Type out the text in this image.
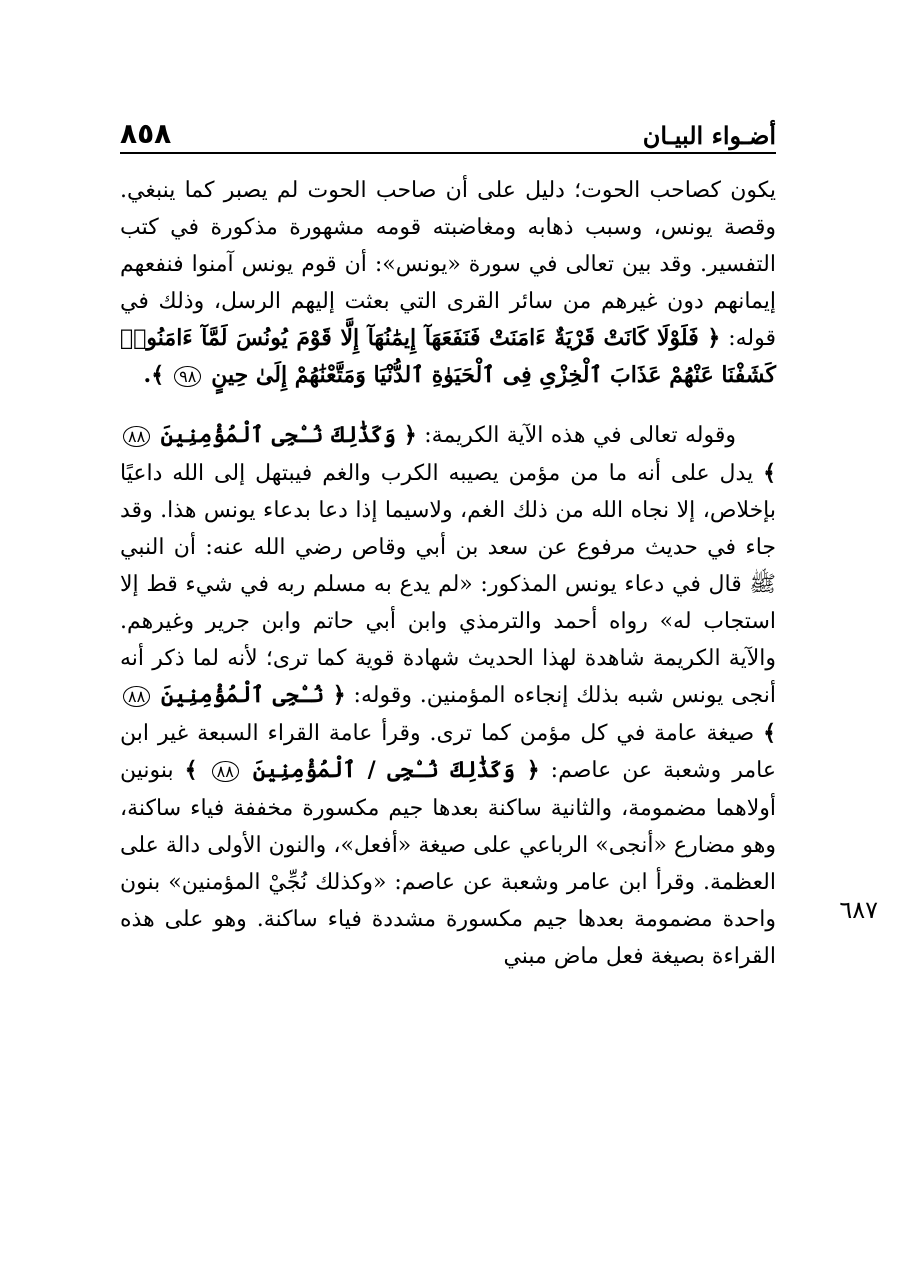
٨٥٨	أضـواء البيـان

يكون كصاحب الحوت؛ دليل على أن صاحب الحوت لم يصبر كما ينبغي. وقصة يونس، وسبب ذهابه ومغاضبته قومه مشهورة مذكورة في كتب التفسير. وقد بين تعالى في سورة «يونس»: أن قوم يونس آمنوا فنفعهم إيمانهم دون غيرهم من سائر القرى التي بعثت إليهم الرسل، وذلك في قوله: ﴿ فَلَوْلَا كَانَتْ قَرْيَةٌ ءَامَنَتْ فَنَفَعَهَآ إِيمَٰنُهَآ إِلَّا قَوْمَ يُونُسَ لَمَّآ ءَامَنُوا۟ كَشَفْنَا عَنْهُمْ عَذَابَ ٱلْخِزْىِ فِى ٱلْحَيَوٰةِ ٱلدُّنْيَا وَمَتَّعْنَٰهُمْ إِلَىٰ حِينٍ ٩٨ ﴾.

وقوله تعالى في هذه الآية الكريمة: ﴿ وَكَذَٰلِكَ نُـۨجِى ٱلْمُؤْمِنِينَ ٨٨ ﴾ يدل على أنه ما من مؤمن يصيبه الكرب والغم فيبتهل إلى الله داعيًا بإخلاص، إلا نجاه الله من ذلك الغم، ولاسيما إذا دعا بدعاء يونس هذا. وقد جاء في حديث مرفوع عن سعد بن أبي وقاص رضي الله عنه: أن النبي ﷺ قال في دعاء يونس المذكور: «لم يدع به مسلم ربه في شيء قط إلا استجاب له» رواه أحمد والترمذي وابن أبي حاتم وابن جرير وغيرهم. والآية الكريمة شاهدة لهذا الحديث شهادة قوية كما ترى؛ لأنه لما ذكر أنه أنجى يونس شبه بذلك إنجاءه المؤمنين. وقوله: ﴿ نُـۨجِى ٱلْمُؤْمِنِينَ ٨٨ ﴾ صيغة عامة في كل مؤمن كما ترى. وقرأ عامة القراء السبعة غير ابن عامر وشعبة عن عاصم: ﴿ وَكَذَٰلِكَ نُـۨجِى / ٱلْمُؤْمِنِينَ ٨٨ ﴾ بنونين أولاهما مضمومة، والثانية ساكنة بعدها جيم مكسورة مخففة فياء ساكنة، وهو مضارع «أنجى» الرباعي على صيغة «أفعل»، والنون الأولى دالة على العظمة. وقرأ ابن عامر وشعبة عن عاصم: «وكذلك نُجِّيْ المؤمنين» بنون واحدة مضمومة بعدها جيم مكسورة مشددة فياء ساكنة. وهو على هذه القراءة بصيغة فعل ماض مبني

٦٨٧
